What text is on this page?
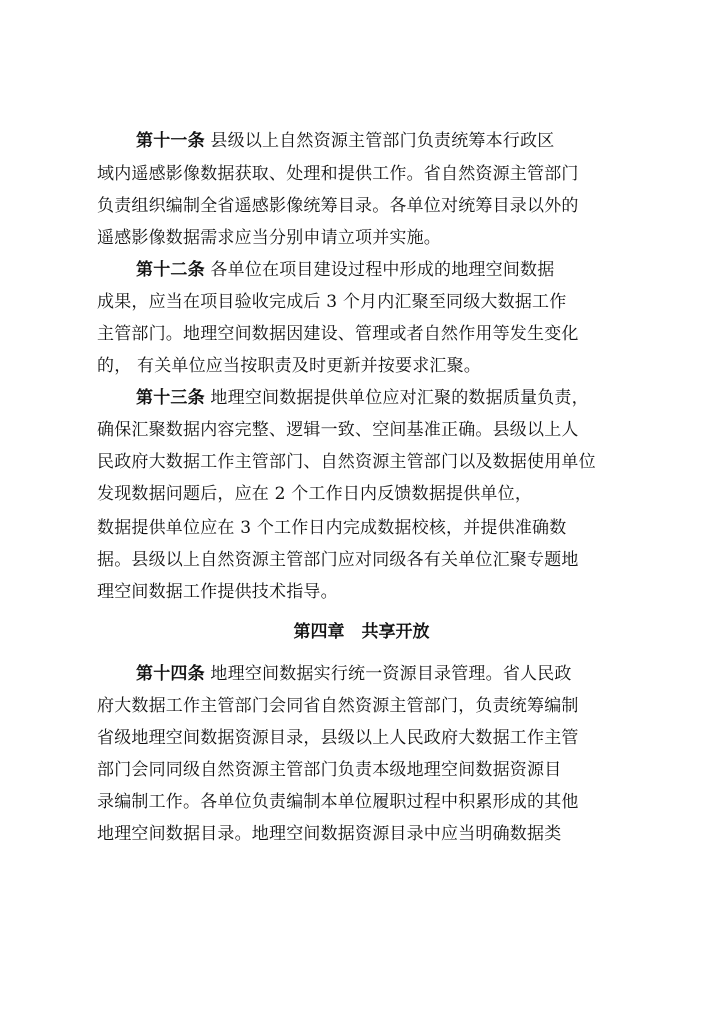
第十一条 县级以上自然资源主管部门负责统筹本行政区

域内遥感影像数据获取、处理和提供工作。省自然资源主管部门

负责组织编制全省遥感影像统筹目录。各单位对统筹目录以外的

遥感影像数据需求应当分别申请立项并实施。

第十二条 各单位在项目建设过程中形成的地理空间数据

成果，应当在项目验收完成后 3 个月内汇聚至同级大数据工作

主管部门。地理空间数据因建设、管理或者自然作用等发生变化

的， 有关单位应当按职责及时更新并按要求汇聚。

第十三条 地理空间数据提供单位应对汇聚的数据质量负责，

确保汇聚数据内容完整、逻辑一致、空间基准正确。县级以上人

民政府大数据工作主管部门、自然资源主管部门以及数据使用单位

发现数据问题后，应在 2 个工作日内反馈数据提供单位，

数据提供单位应在 3 个工作日内完成数据校核，并提供准确数

据。县级以上自然资源主管部门应对同级各有关单位汇聚专题地

理空间数据工作提供技术指导。

第四章　共享开放

第十四条 地理空间数据实行统一资源目录管理。省人民政

府大数据工作主管部门会同省自然资源主管部门，负责统筹编制

省级地理空间数据资源目录，县级以上人民政府大数据工作主管

部门会同同级自然资源主管部门负责本级地理空间数据资源目

录编制工作。各单位负责编制本单位履职过程中积累形成的其他

地理空间数据目录。地理空间数据资源目录中应当明确数据类
